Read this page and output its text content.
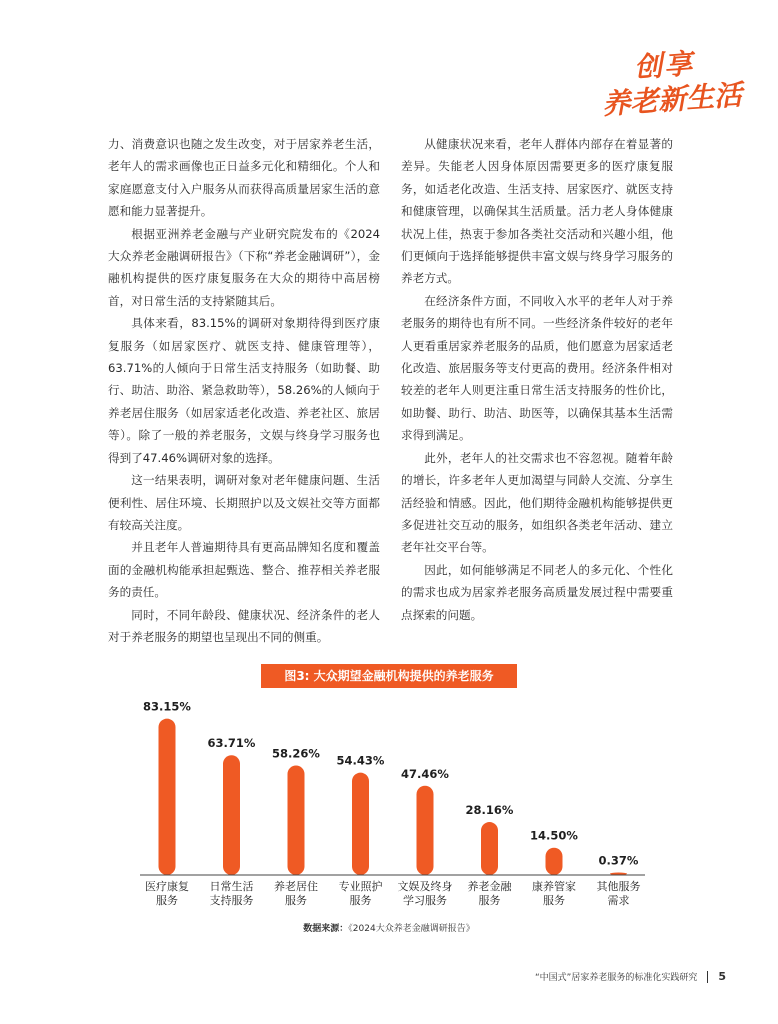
创享
养老新生活

力、消费意识也随之发生改变，对于居家养老生活，老年人的需求画像也正日益多元化和精细化。个人和家庭愿意支付入户服务从而获得高质量居家生活的意愿和能力显著提升。

根据亚洲养老金融与产业研究院发布的《2024大众养老金融调研报告》（下称“养老金融调研”），金融机构提供的医疗康复服务在大众的期待中高居榜首，对日常生活的支持紧随其后。

具体来看，83.15%的调研对象期待得到医疗康复服务（如居家医疗、就医支持、健康管理等），63.71%的人倾向于日常生活支持服务（如助餐、助行、助洁、助浴、紧急救助等），58.26%的人倾向于养老居住服务（如居家适老化改造、养老社区、旅居等）。除了一般的养老服务，文娱与终身学习服务也得到了47.46%调研对象的选择。

这一结果表明，调研对象对老年健康问题、生活便利性、居住环境、长期照护以及文娱社交等方面都有较高关注度。

并且老年人普遍期待具有更高品牌知名度和覆盖面的金融机构能承担起甄选、整合、推荐相关养老服务的责任。

同时，不同年龄段、健康状况、经济条件的老人对于养老服务的期望也呈现出不同的侧重。

从健康状况来看，老年人群体内部存在着显著的差异。失能老人因身体原因需要更多的医疗康复服务，如适老化改造、生活支持、居家医疗、就医支持和健康管理，以确保其生活质量。活力老人身体健康状况上佳，热衷于参加各类社交活动和兴趣小组，他们更倾向于选择能够提供丰富文娱与终身学习服务的养老方式。

在经济条件方面，不同收入水平的老年人对于养老服务的期待也有所不同。一些经济条件较好的老年人更看重居家养老服务的品质，他们愿意为居家适老化改造、旅居服务等支付更高的费用。经济条件相对较差的老年人则更注重日常生活支持服务的性价比，如助餐、助行、助洁、助医等，以确保其基本生活需求得到满足。

此外，老年人的社交需求也不容忽视。随着年龄的增长，许多老年人更加渴望与同龄人交流、分享生活经验和情感。因此，他们期待金融机构能够提供更多促进社交互动的服务，如组织各类老年活动、建立老年社交平台等。

因此，如何能够满足不同老人的多元化、个性化的需求也成为居家养老服务高质量发展过程中需要重点探索的问题。

图3: 大众期望金融机构提供的养老服务
83.15%
医疗康复
服务
63.71%
日常生活
支持服务
58.26%
养老居住
服务
54.43%
专业照护
服务
47.46%
文娱及终身
学习服务
28.16%
养老金融
服务
14.50%
康养管家
服务
0.37%
其他服务
需求
数据来源：《2024大众养老金融调研报告》
“中国式”居家养老服务的标准化实践研究 5
